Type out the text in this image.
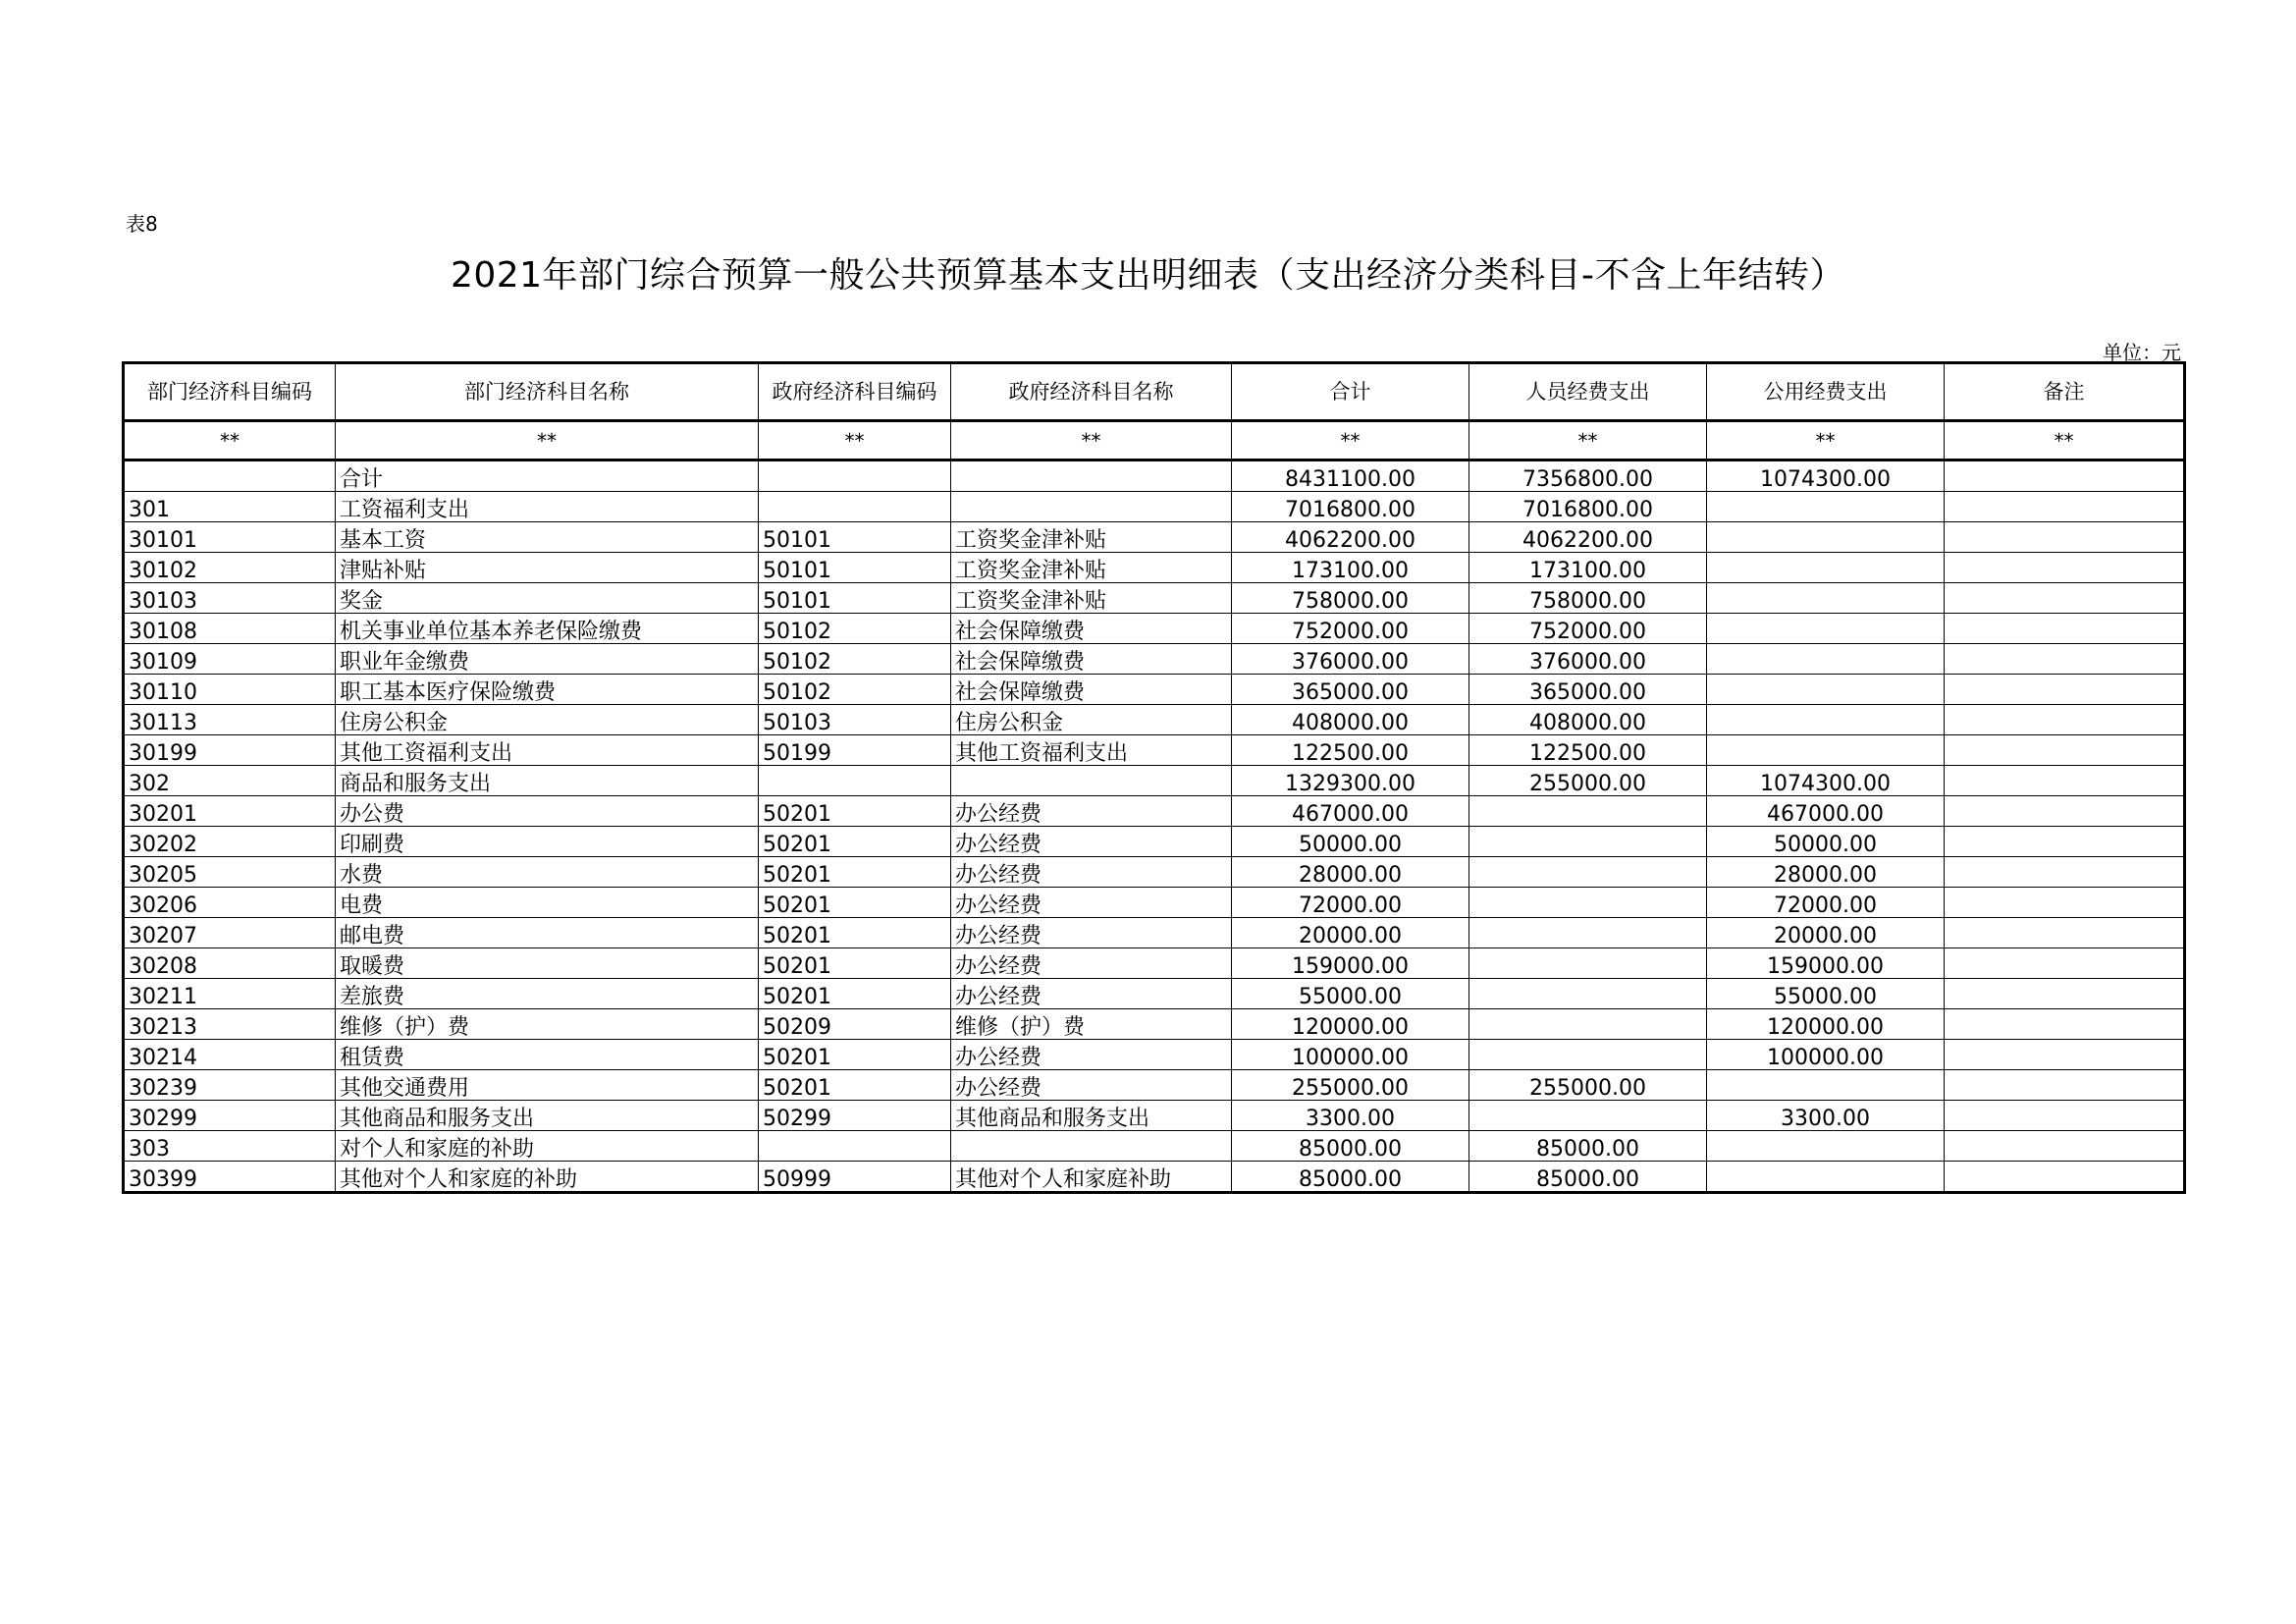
表8
2021年部门综合预算一般公共预算基本支出明细表（支出经济分类科目-不含上年结转）
单位：元
部门经济科目编码	部门经济科目名称	政府经济科目编码	政府经济科目名称	合计	人员经费支出	公用经费支出	备注
**	**	**	**	**	**	**	**
	合计			8431100.00	7356800.00	1074300.00	
301	工资福利支出			7016800.00	7016800.00		
30101	基本工资	50101	工资奖金津补贴	4062200.00	4062200.00		
30102	津贴补贴	50101	工资奖金津补贴	173100.00	173100.00		
30103	奖金	50101	工资奖金津补贴	758000.00	758000.00		
30108	机关事业单位基本养老保险缴费	50102	社会保障缴费	752000.00	752000.00		
30109	职业年金缴费	50102	社会保障缴费	376000.00	376000.00		
30110	职工基本医疗保险缴费	50102	社会保障缴费	365000.00	365000.00		
30113	住房公积金	50103	住房公积金	408000.00	408000.00		
30199	其他工资福利支出	50199	其他工资福利支出	122500.00	122500.00		
302	商品和服务支出			1329300.00	255000.00	1074300.00	
30201	办公费	50201	办公经费	467000.00		467000.00	
30202	印刷费	50201	办公经费	50000.00		50000.00	
30205	水费	50201	办公经费	28000.00		28000.00	
30206	电费	50201	办公经费	72000.00		72000.00	
30207	邮电费	50201	办公经费	20000.00		20000.00	
30208	取暖费	50201	办公经费	159000.00		159000.00	
30211	差旅费	50201	办公经费	55000.00		55000.00	
30213	维修（护）费	50209	维修（护）费	120000.00		120000.00	
30214	租赁费	50201	办公经费	100000.00		100000.00	
30239	其他交通费用	50201	办公经费	255000.00	255000.00		
30299	其他商品和服务支出	50299	其他商品和服务支出	3300.00		3300.00	
303	对个人和家庭的补助			85000.00	85000.00		
30399	其他对个人和家庭的补助	50999	其他对个人和家庭补助	85000.00	85000.00		
